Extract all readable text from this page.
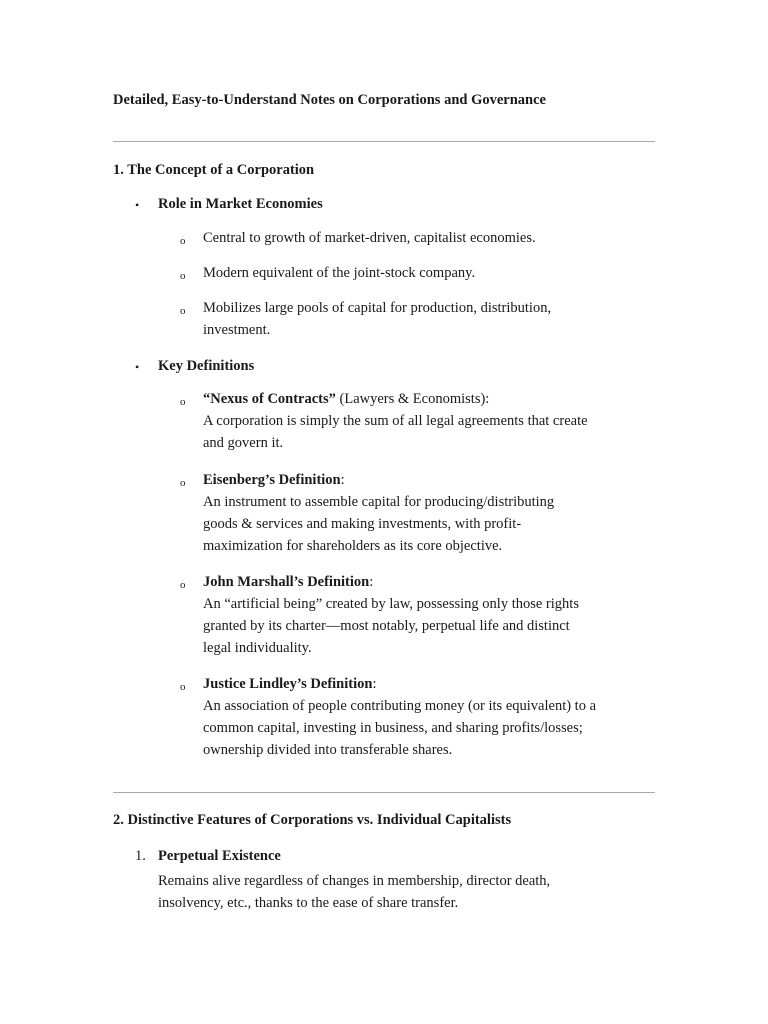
Detailed, Easy-to-Understand Notes on Corporations and Governance
1. The Concept of a Corporation
• Role in Market Economies
o Central to growth of market-driven, capitalist economies.
o Modern equivalent of the joint-stock company.
o Mobilizes large pools of capital for production, distribution,
investment.
• Key Definitions
o “Nexus of Contracts” (Lawyers & Economists):
A corporation is simply the sum of all legal agreements that create
and govern it.
o Eisenberg’s Definition:
An instrument to assemble capital for producing/distributing
goods & services and making investments, with profit-
maximization for shareholders as its core objective.
o John Marshall’s Definition:
An “artificial being” created by law, possessing only those rights
granted by its charter—most notably, perpetual life and distinct
legal individuality.
o Justice Lindley’s Definition:
An association of people contributing money (or its equivalent) to a
common capital, investing in business, and sharing profits/losses;
ownership divided into transferable shares.
2. Distinctive Features of Corporations vs. Individual Capitalists
1. Perpetual Existence
Remains alive regardless of changes in membership, director death,
insolvency, etc., thanks to the ease of share transfer.
